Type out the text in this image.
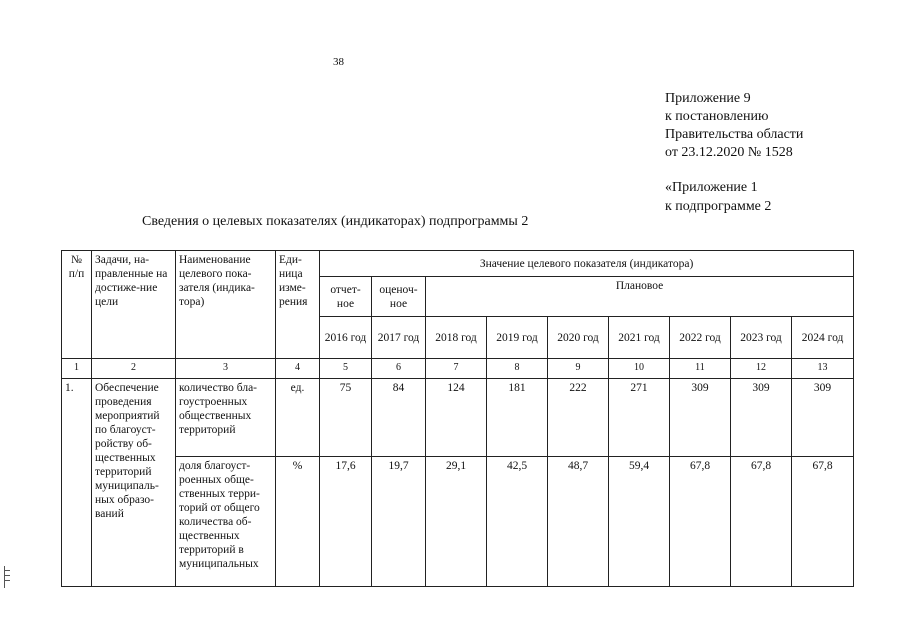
38
Приложение 9
к постановлению
Правительства области
от 23.12.2020 № 1528
«Приложение 1
к подпрограмме 2
Сведения о целевых показателях (индикаторах) подпрограммы 2
№ п/п	Задачи, на-правленные на достиже-ние цели	Наименование целевого пока-зателя (индика-тора)	Еди-ница изме-рения	Значение целевого показателя (индикатора)								
				отчет-ное	оценоч-ное	Плановое						
				2016 год	2017 год	2018 год	2019 год	2020 год	2021 год	2022 год	2023 год	2024 год
1	2	3	4	5	6	7	8	9	10	11	12	13
1.	Обеспечение проведения мероприятий по благоуст-ройству об-щественных территорий муниципаль-ных образо-ваний	количество бла-гоустроенных общественных территорий	ед.	75	84	124	181	222	271	309	309	309
		доля благоуст-роенных обще-ственных терри-торий от общего количества об-щественных территорий в муниципальных	%	17,6	19,7	29,1	42,5	48,7	59,4	67,8	67,8	67,8
